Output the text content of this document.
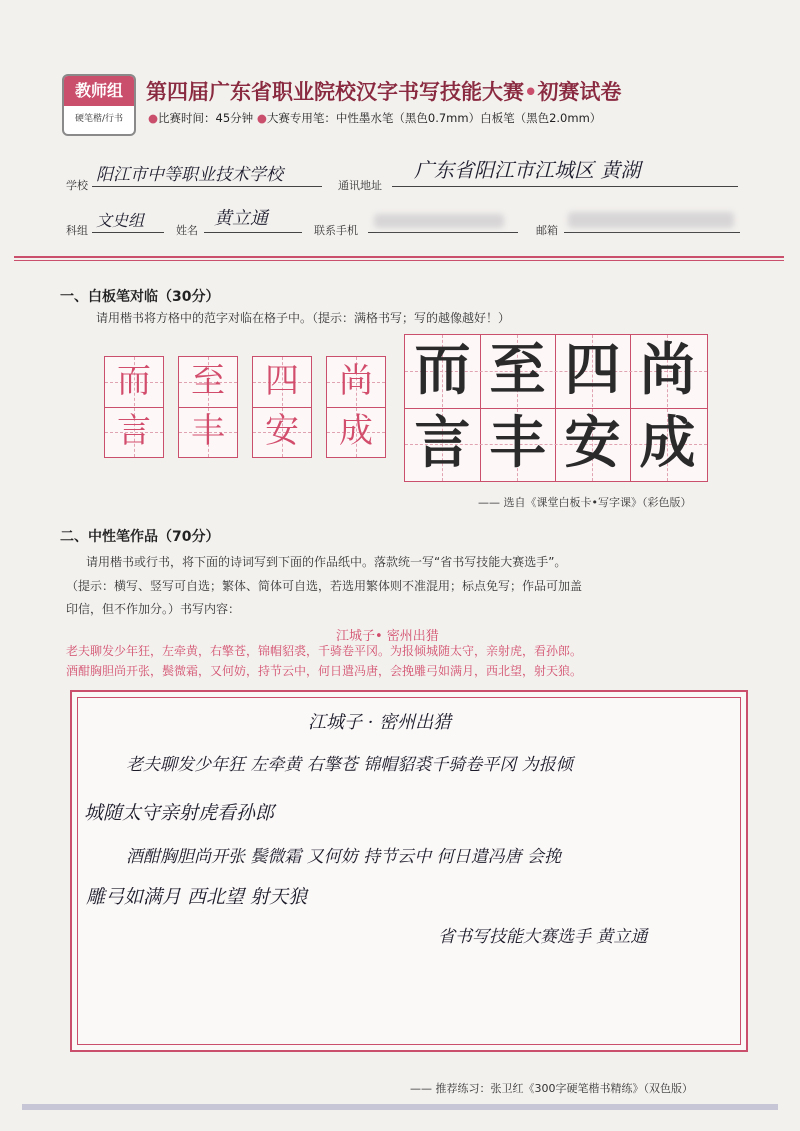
教师组
硬笔楷/行书
第四届广东省职业院校汉字书写技能大赛•初赛试卷
●比赛时间：45分钟 ●大赛专用笔：中性墨水笔（黑色0.7mm）白板笔（黑色2.0mm）
学校
阳江市中等职业技术学校
通讯地址
广东省阳江市江城区 黄湖
科组
文史组
姓名
黄立通
联系手机	邮箱
一、白板笔对临（30分）
请用楷书将方格中的范字对临在格子中。（提示：满格书写；写的越像越好！）
而
言
至
丰
四
安
尚
成
而 至 四 尚
言 丰 安 成
—— 选自《课堂白板卡•写字课》（彩色版）
二、中性笔作品（70分）
请用楷书或行书，将下面的诗词写到下面的作品纸中。落款统一写“省书写技能大赛选手”。
（提示：横写、竖写可自选；繁体、简体可自选，若选用繁体则不准混用；标点免写；作品可加盖
印信，但不作加分。）书写内容：
江城子• 密州出猎
老夫聊发少年狂，左牵黄，右擎苍，锦帽貂裘，千骑卷平冈。为报倾城随太守，亲射虎，看孙郎。
酒酣胸胆尚开张，鬓微霜，又何妨，持节云中，何日遣冯唐，会挽雕弓如满月，西北望，射天狼。
江城子 · 密州出猎
老夫聊发少年狂 左牵黄 右擎苍 锦帽貂裘千骑卷平冈 为报倾
城随太守亲射虎看孙郎
酒酣胸胆尚开张 鬓微霜 又何妨 持节云中 何日遣冯唐 会挽
雕弓如满月 西北望 射天狼
省书写技能大赛选手 黄立通
—— 推荐练习：张卫红《300字硬笔楷书精练》（双色版）
